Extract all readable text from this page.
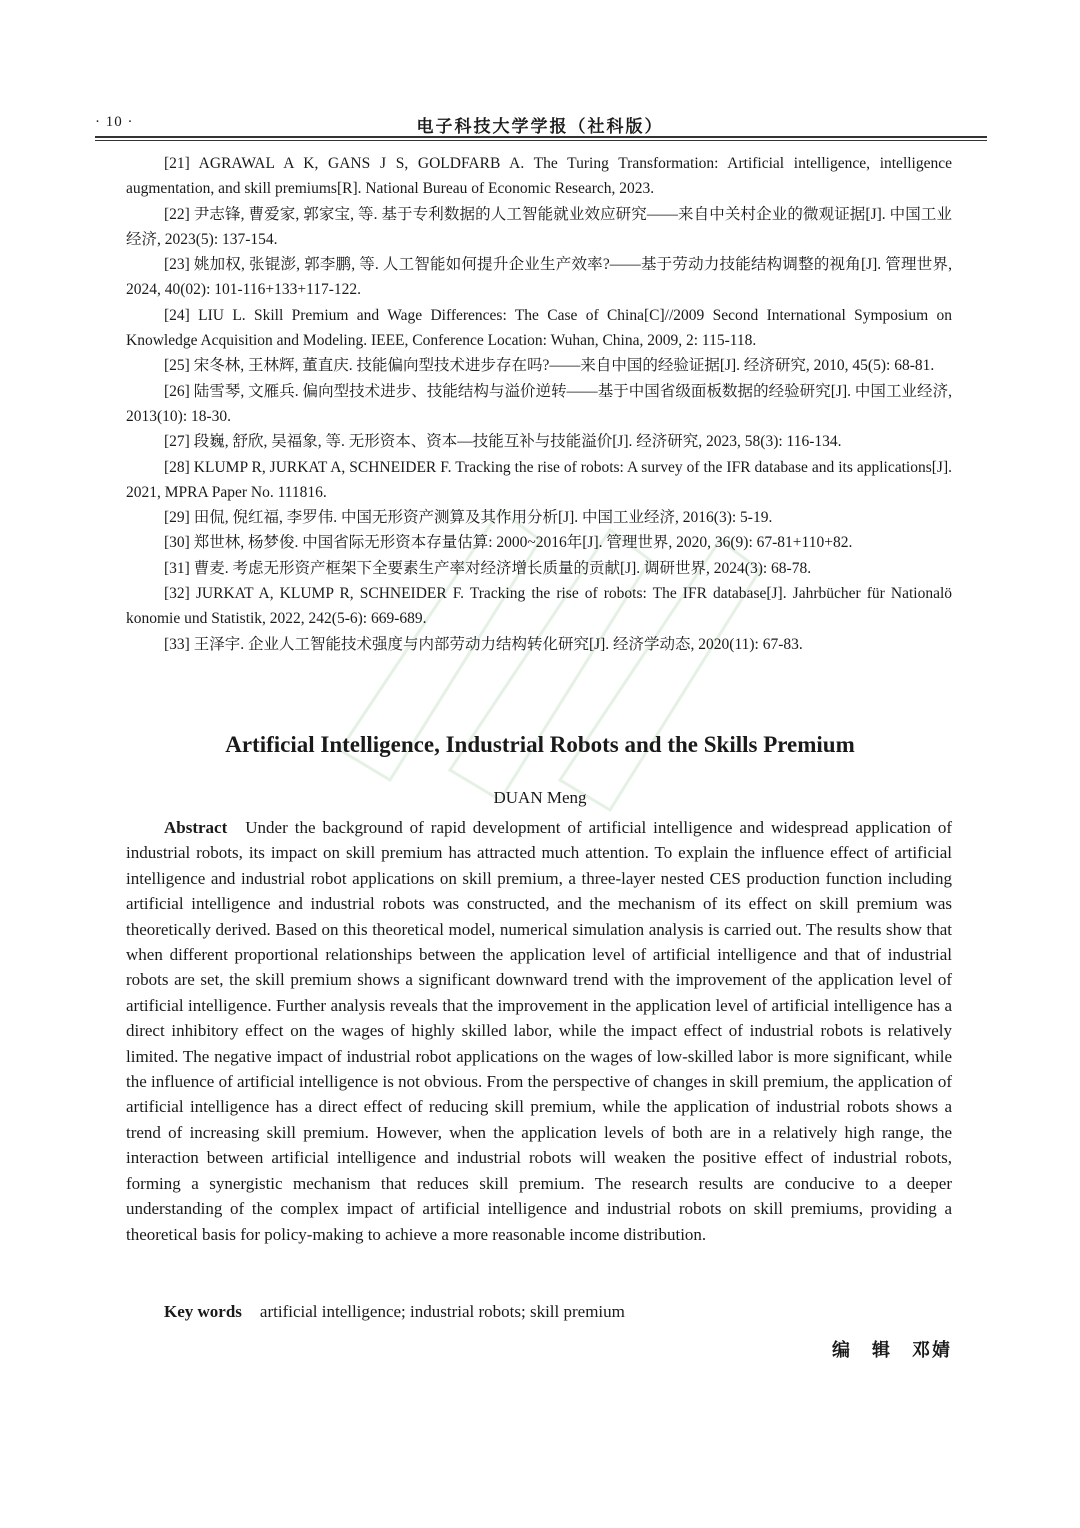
· 10 ·	电子科技大学学报（社科版）

[21] AGRAWAL A K, GANS J S, GOLDFARB A. The Turing Transformation: Artificial intelligence, intelligence augmentation, and skill premiums[R]. National Bureau of Economic Research, 2023.

[22] 尹志锋, 曹爱家, 郭家宝, 等. 基于专利数据的人工智能就业效应研究——来自中关村企业的微观证据[J]. 中国工业经济, 2023(5): 137-154.

[23] 姚加权, 张锟澎, 郭李鹏, 等. 人工智能如何提升企业生产效率?——基于劳动力技能结构调整的视角[J]. 管理世界, 2024, 40(02): 101-116+133+117-122.

[24] LIU L. Skill Premium and Wage Differences: The Case of China[C]//2009 Second International Symposium on Knowledge Acquisition and Modeling. IEEE, Conference Location: Wuhan, China, 2009, 2: 115-118.

[25] 宋冬林, 王林辉, 董直庆. 技能偏向型技术进步存在吗?——来自中国的经验证据[J]. 经济研究, 2010, 45(5): 68-81.

[26] 陆雪琴, 文雁兵. 偏向型技术进步、技能结构与溢价逆转——基于中国省级面板数据的经验研究[J]. 中国工业经济, 2013(10): 18-30.

[27] 段巍, 舒欣, 吴福象, 等. 无形资本、资本—技能互补与技能溢价[J]. 经济研究, 2023, 58(3): 116-134.

[28] KLUMP R, JURKAT A, SCHNEIDER F. Tracking the rise of robots: A survey of the IFR database and its applications[J]. 2021, MPRA Paper No. 111816.

[29] 田侃, 倪红福, 李罗伟. 中国无形资产测算及其作用分析[J]. 中国工业经济, 2016(3): 5-19.

[30] 郑世林, 杨梦俊. 中国省际无形资本存量估算: 2000~2016年[J]. 管理世界, 2020, 36(9): 67-81+110+82.

[31] 曹麦. 考虑无形资产框架下全要素生产率对经济增长质量的贡献[J]. 调研世界, 2024(3): 68-78.

[32] JURKAT A, KLUMP R, SCHNEIDER F. Tracking the rise of robots: The IFR database[J]. Jahrbücher für Nationalö konomie und Statistik, 2022, 242(5-6): 669-689.

[33] 王泽宇. 企业人工智能技术强度与内部劳动力结构转化研究[J]. 经济学动态, 2020(11): 67-83.

Artificial Intelligence, Industrial Robots and the Skills Premium
DUAN Meng

Abstract Under the background of rapid development of artificial intelligence and widespread application of industrial robots, its impact on skill premium has attracted much attention. To explain the influence effect of artificial intelligence and industrial robot applications on skill premium, a three-layer nested CES production function including artificial intelligence and industrial robots was constructed, and the mechanism of its effect on skill premium was theoretically derived. Based on this theoretical model, numerical simulation analysis is carried out. The results show that when different proportional relationships between the application level of artificial intelligence and that of industrial robots are set, the skill premium shows a significant downward trend with the improvement of the application level of artificial intelligence. Further analysis reveals that the improvement in the application level of artificial intelligence has a direct inhibitory effect on the wages of highly skilled labor, while the impact effect of industrial robots is relatively limited. The negative impact of industrial robot applications on the wages of low-skilled labor is more significant, while the influence of artificial intelligence is not obvious. From the perspective of changes in skill premium, the application of artificial intelligence has a direct effect of reducing skill premium, while the application of industrial robots shows a trend of increasing skill premium. However, when the application levels of both are in a relatively high range, the interaction between artificial intelligence and industrial robots will weaken the positive effect of industrial robots, forming a synergistic mechanism that reduces skill premium. The research results are conducive to a deeper understanding of the complex impact of artificial intelligence and industrial robots on skill premiums, providing a theoretical basis for policy-making to achieve a more reasonable income distribution.

Key words artificial intelligence; industrial robots; skill premium

编　辑　邓婧
